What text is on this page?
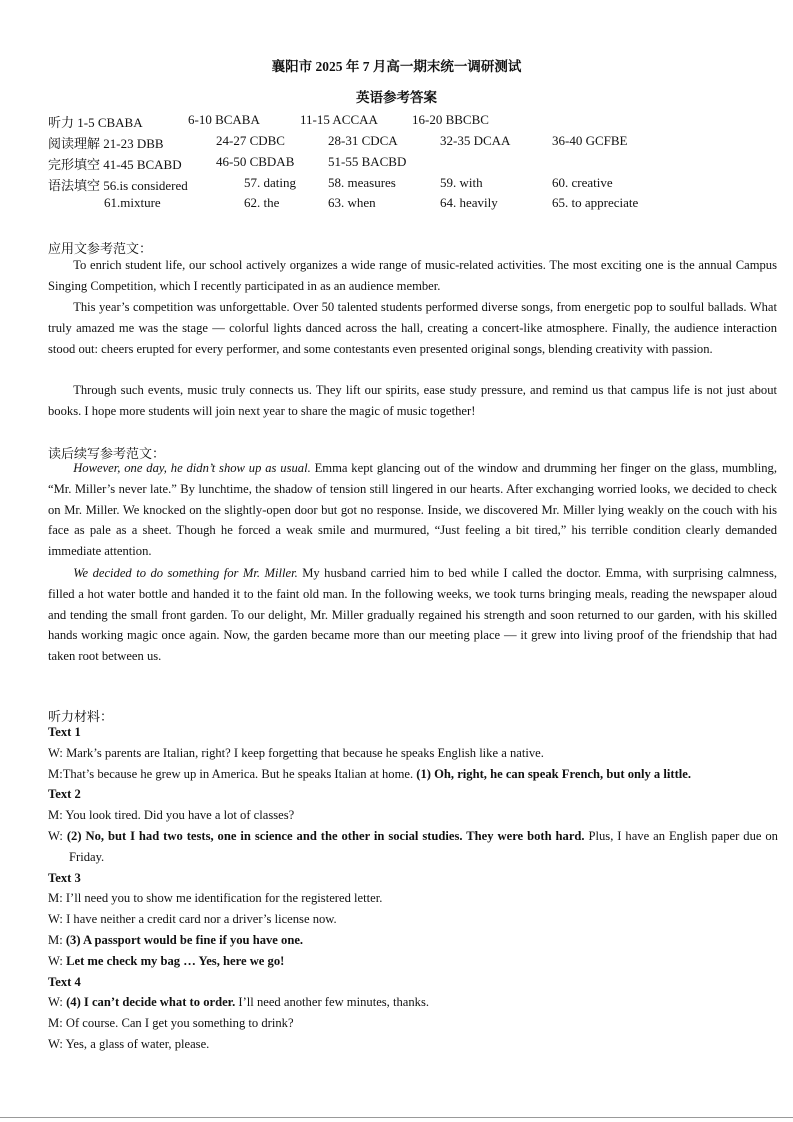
襄阳市 2025 年 7 月高一期末统一调研测试
英语参考答案
听力 1-5 CBABA	6-10 BCABA	11-15 ACCAA	16-20 BBCBC
阅读理解 21-23 DBB	24-27 CDBC	28-31 CDCA	32-35 DCAA	36-40 GCFBE
完形填空 41-45 BCABD	46-50 CBDAB	51-55 BACBD
语法填空 56.is considered	57. dating 58. measures	59. with	60. creative
61.mixture	62. the	63. when	64. heavily	65. to appreciate
应用文参考范文：

To enrich student life, our school actively organizes a wide range of music-related activities. The most exciting one is the annual Campus Singing Competition, which I recently participated in as an audience member.

This year’s competition was unforgettable. Over 50 talented students performed diverse songs, from energetic pop to soulful ballads. What truly amazed me was the stage — colorful lights danced across the hall, creating a concert-like atmosphere. Finally, the audience interaction stood out: cheers erupted for every performer, and some contestants even presented original songs, blending creativity with passion.

Through such events, music truly connects us. They lift our spirits, ease study pressure, and remind us that campus life is not just about books. I hope more students will join next year to share the magic of music together!

读后续写参考范文：

However, one day, he didn’t show up as usual. Emma kept glancing out of the window and drumming her finger on the glass, mumbling, “Mr. Miller’s never late.” By lunchtime, the shadow of tension still lingered in our hearts. After exchanging worried looks, we decided to check on Mr. Miller. We knocked on the slightly-open door but got no response. Inside, we discovered Mr. Miller lying weakly on the couch with his face as pale as a sheet. Though he forced a weak smile and murmured, “Just feeling a bit tired,” his terrible condition clearly demanded immediate attention.

We decided to do something for Mr. Miller. My husband carried him to bed while I called the doctor. Emma, with surprising calmness, filled a hot water bottle and handed it to the faint old man. In the following weeks, we took turns bringing meals, reading the newspaper aloud and tending the small front garden. To our delight, Mr. Miller gradually regained his strength and soon returned to our garden, with his skilled hands working magic once again. Now, the garden became more than our meeting place — it grew into living proof of the friendship that had taken root between us.

听力材料：
Text 1
W: Mark’s parents are Italian, right? I keep forgetting that because he speaks English like a native.
M:That’s because he grew up in America. But he speaks Italian at home. (1) Oh, right, he can speak French, but only a little.
Text 2
M: You look tired. Did you have a lot of classes?
W: (2) No, but I had two tests, one in science and the other in social studies. They were both hard. Plus, I have an English paper due on Friday.
Text 3
M: I’ll need you to show me identification for the registered letter.
W: I have neither a credit card nor a driver’s license now.
M: (3) A passport would be fine if you have one.
W: Let me check my bag … Yes, here we go!
Text 4
W: (4) I can’t decide what to order. I’ll need another few minutes, thanks.
M: Of course. Can I get you something to drink?
W: Yes, a glass of water, please.
